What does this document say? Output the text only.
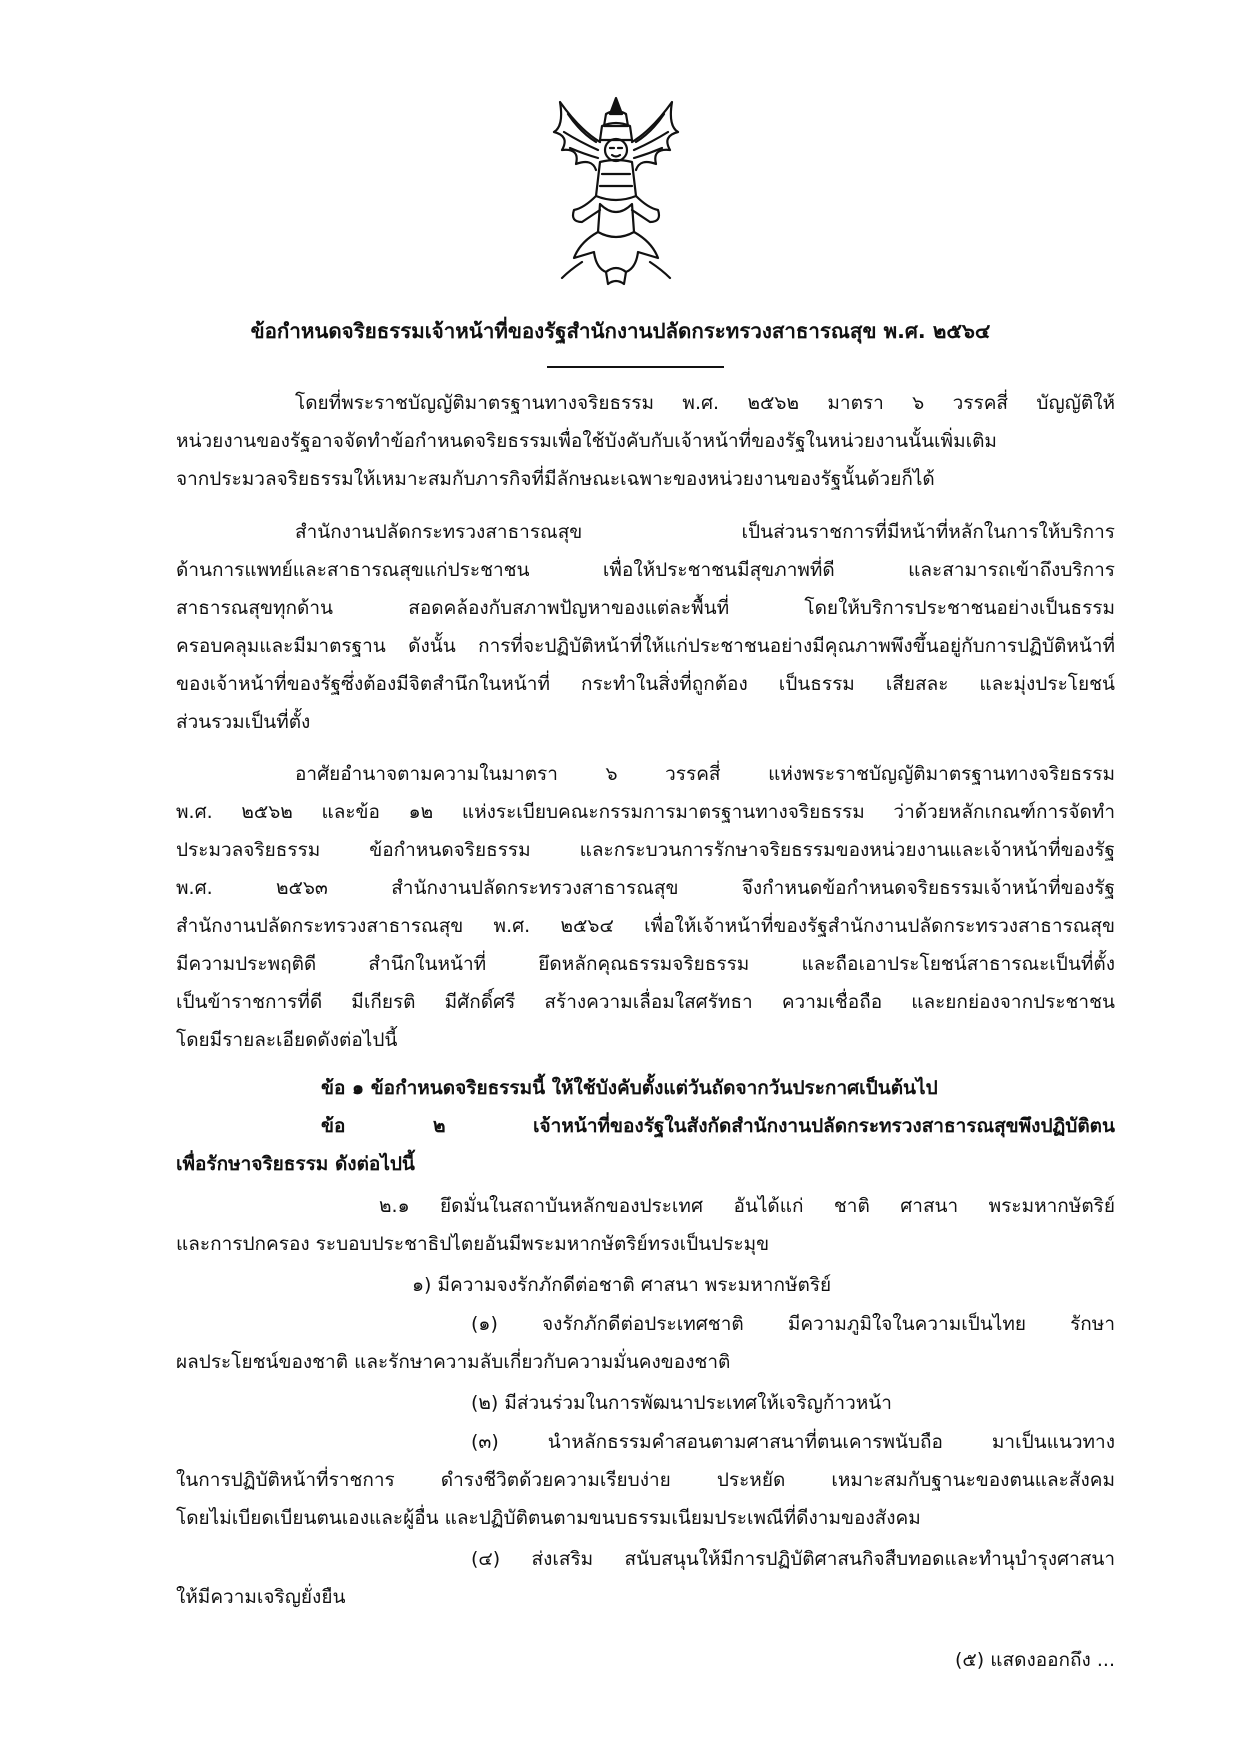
ข้อกำหนดจริยธรรมเจ้าหน้าที่ของรัฐสำนักงานปลัดกระทรวงสาธารณสุข พ.ศ. ๒๕๖๔
โดยที่พระราชบัญญัติมาตรฐานทางจริยธรรม พ.ศ. ๒๕๖๒ มาตรา ๖ วรรคสี่ บัญญัติให้
หน่วยงานของรัฐอาจจัดทำข้อกำหนดจริยธรรมเพื่อใช้บังคับกับเจ้าหน้าที่ของรัฐในหน่วยงานนั้นเพิ่มเติม
จากประมวลจริยธรรมให้เหมาะสมกับภารกิจที่มีลักษณะเฉพาะของหน่วยงานของรัฐนั้นด้วยก็ได้
สำนักงานปลัดกระทรวงสาธารณสุข เป็นส่วนราชการที่มีหน้าที่หลักในการให้บริการ
ด้านการแพทย์และสาธารณสุขแก่ประชาชน เพื่อให้ประชาชนมีสุขภาพที่ดี และสามารถเข้าถึงบริการ
สาธารณสุขทุกด้าน สอดคล้องกับสภาพปัญหาของแต่ละพื้นที่ โดยให้บริการประชาชนอย่างเป็นธรรม
ครอบคลุมและมีมาตรฐาน ดังนั้น การที่จะปฏิบัติหน้าที่ให้แก่ประชาชนอย่างมีคุณภาพพึงขึ้นอยู่กับการปฏิบัติหน้าที่
ของเจ้าหน้าที่ของรัฐซึ่งต้องมีจิตสำนึกในหน้าที่ กระทำในสิ่งที่ถูกต้อง เป็นธรรม เสียสละ และมุ่งประโยชน์
ส่วนรวมเป็นที่ตั้ง
อาศัยอำนาจตามความในมาตรา ๖ วรรคสี่ แห่งพระราชบัญญัติมาตรฐานทางจริยธรรม
พ.ศ. ๒๕๖๒ และข้อ ๑๒ แห่งระเบียบคณะกรรมการมาตรฐานทางจริยธรรม ว่าด้วยหลักเกณฑ์การจัดทำ
ประมวลจริยธรรม ข้อกำหนดจริยธรรม และกระบวนการรักษาจริยธรรมของหน่วยงานและเจ้าหน้าที่ของรัฐ
พ.ศ. ๒๕๖๓ สำนักงานปลัดกระทรวงสาธารณสุข จึงกำหนดข้อกำหนดจริยธรรมเจ้าหน้าที่ของรัฐ
สำนักงานปลัดกระทรวงสาธารณสุข พ.ศ. ๒๕๖๔ เพื่อให้เจ้าหน้าที่ของรัฐสำนักงานปลัดกระทรวงสาธารณสุข
มีความประพฤติดี สำนึกในหน้าที่ ยึดหลักคุณธรรมจริยธรรม และถือเอาประโยชน์สาธารณะเป็นที่ตั้ง
เป็นข้าราชการที่ดี มีเกียรติ มีศักดิ์ศรี สร้างความเลื่อมใสศรัทธา ความเชื่อถือ และยกย่องจากประชาชน
โดยมีรายละเอียดดังต่อไปนี้
ข้อ ๑ ข้อกำหนดจริยธรรมนี้ ให้ใช้บังคับตั้งแต่วันถัดจากวันประกาศเป็นต้นไป
ข้อ ๒ เจ้าหน้าที่ของรัฐในสังกัดสำนักงานปลัดกระทรวงสาธารณสุขพึงปฏิบัติตน
เพื่อรักษาจริยธรรม ดังต่อไปนี้
๒.๑ ยึดมั่นในสถาบันหลักของประเทศ อันได้แก่ ชาติ ศาสนา พระมหากษัตริย์
และการปกครอง ระบอบประชาธิปไตยอันมีพระมหากษัตริย์ทรงเป็นประมุข
๑) มีความจงรักภักดีต่อชาติ ศาสนา พระมหากษัตริย์
(๑) จงรักภักดีต่อประเทศชาติ มีความภูมิใจในความเป็นไทย รักษา
ผลประโยชน์ของชาติ และรักษาความลับเกี่ยวกับความมั่นคงของชาติ
(๒) มีส่วนร่วมในการพัฒนาประเทศให้เจริญก้าวหน้า
(๓) นำหลักธรรมคำสอนตามศาสนาที่ตนเคารพนับถือ มาเป็นแนวทาง
ในการปฏิบัติหน้าที่ราชการ ดำรงชีวิตด้วยความเรียบง่าย ประหยัด เหมาะสมกับฐานะของตนและสังคม
โดยไม่เบียดเบียนตนเองและผู้อื่น และปฏิบัติตนตามขนบธรรมเนียมประเพณีที่ดีงามของสังคม
(๔) ส่งเสริม สนับสนุนให้มีการปฏิบัติศาสนกิจสืบทอดและทำนุบำรุงศาสนา
ให้มีความเจริญยั่งยืน
(๕) แสดงออกถึง ...
